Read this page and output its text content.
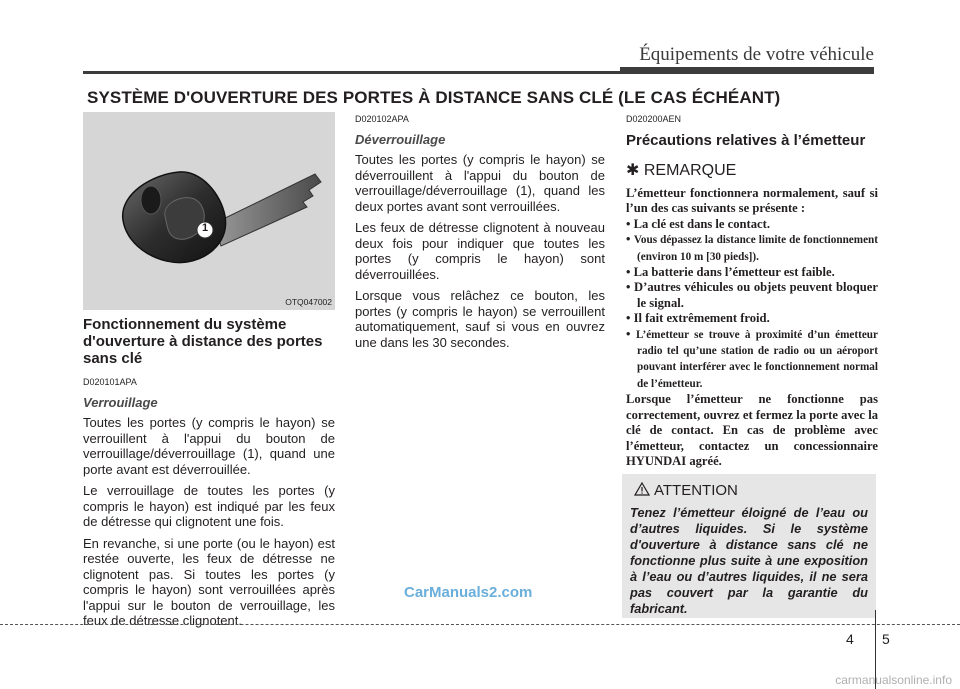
Équipements de votre véhicule
SYSTÈME D'OUVERTURE DES PORTES À DISTANCE SANS CLÉ (LE CAS ÉCHÉANT)
1
OTQ047002
Fonctionnement du système d'ouverture à distance des portes sans clé
D020101APA
Verrouillage

Toutes les portes (y compris le hayon) se verrouillent à l'appui du bouton de verrouillage/déverrouillage (1), quand une porte avant est déverrouillée.

Le verrouillage de toutes les portes (y compris le hayon) est indiqué par les feux de détresse qui clignotent une fois.

En revanche, si une porte (ou le hayon) est restée ouverte, les feux de détresse ne clignotent pas. Si toutes les portes (y compris le hayon) sont verrouillées après l'appui sur le bouton de verrouillage, les feux de détresse clignotent.

D020102APA
Déverrouillage

Toutes les portes (y compris le hayon) se déverrouillent à l'appui du bouton de verrouillage/déverrouillage (1), quand les deux portes avant sont verrouillées.

Les feux de détresse clignotent à nouveau deux fois pour indiquer que toutes les portes (y compris le hayon) sont déverrouillées.

Lorsque vous relâchez ce bouton, les portes (y compris le hayon) se verrouillent automatiquement, sauf si vous en ouvrez une dans les 30 secondes.

D020200AEN
Précautions relatives à l’émetteur
✱ REMARQUE
L’émetteur fonctionnera normalement, sauf si l’un des cas suivants se présente :
• La clé est dans le contact.
• Vous dépassez la distance limite de fonctionnement (environ 10 m [30 pieds]).
• La batterie dans l’émetteur est faible.
• D’autres véhicules ou objets peuvent bloquer le signal.
• Il fait extrêmement froid.
• L’émetteur se trouve à proximité d’un émetteur radio tel qu’une station de radio ou un aéroport pouvant interférer avec le fonctionnement normal de l’émetteur.
Lorsque l’émetteur ne fonctionne pas correctement, ouvrez et fermez la porte avec la clé de contact. En cas de problème avec l’émetteur, contactez un concessionnaire HYUNDAI agréé.
ATTENTION
Tenez l’émetteur éloigné de l’eau ou d’autres liquides. Si le système d'ouverture à distance sans clé ne fonctionne plus suite à une exposition à l’eau ou d’autres liquides, il ne sera pas couvert par la garantie du fabricant.
CarManuals2.com
4 5
carmanualsonline.info
